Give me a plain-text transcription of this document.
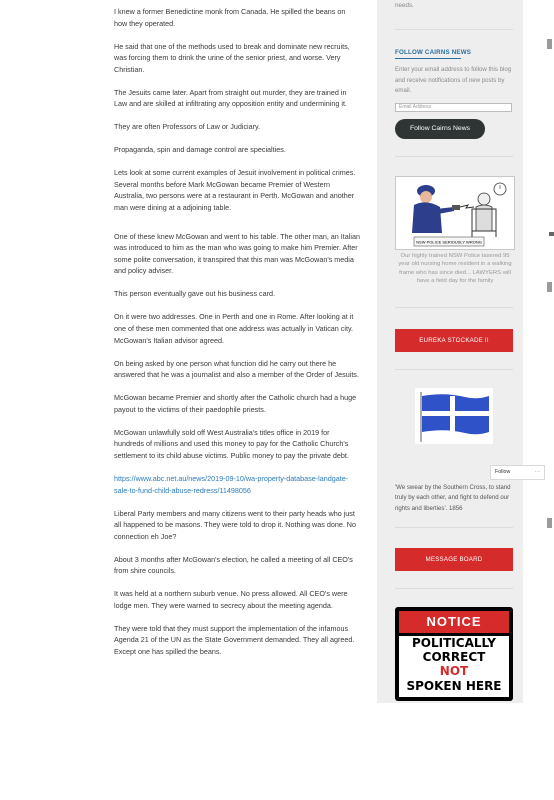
I knew a former Benedictine monk from Canada. He spilled the beans on how they operated.

He said that one of the methods used to break and dominate new recruits, was forcing them to drink the urine of the senior priest, and worse. Very Christian.

The Jesuits came later. Apart from straight out murder, they are trained in Law and are skilled at infiltrating any opposition entity and undermining it.

They are often Professors of Law or Judiciary.

Propaganda, spin and damage control are specialties.

Lets look at some current examples of Jesuit involvement in political crimes. Several months before Mark McGowan became Premier of Western Australia, two persons were at a restaurant in Perth. McGowan and another man were dining at a adjoining table.

One of these knew McGowan and went to his table. The other man, an Italian was introduced to him as the man who was going to make him Premier. After some polite conversation, it transpired that this man was McGowan's media and policy adviser.

This person eventually gave out his business card.

On it were two addresses. One in Perth and one in Rome. After looking at it one of these men commented that one address was actually in Vatican city. McGowan's Italian advisor agreed.

On being asked by one person what function did he carry out there he answered that he was a journalist and also a member of the Order of Jesuits.

McGowan became Premier and shortly after the Catholic church had a huge payout to the victims of their paedophile priests.

McGowan unlawfully sold off West Australia's titles office in 2019 for hundreds of millions and used this money to pay for the Catholic Church's settlement to its child abuse victims. Public money to pay the private debt.

https://www.abc.net.au/news/2019-09-10/wa-property-database-landgate-sale-to-fund-child-abuse-redress/11498056

Liberal Party members and many citizens went to their party heads who just all happened to be masons. They were told to drop it. Nothing was done. No connection eh Joe?

About 3 months after McGowan's election, he called a meeting of all CEO's from shire councils.

It was held at a northern suburb venue. No press allowed. All CEO's were lodge men. They were warned to secrecy about the meeting agenda.

They were told that they must support the implementation of the infamous Agenda 21 of the UN as the State Government demanded. They all agreed. Except one has spilled the beans.

needs.
FOLLOW CAIRNS NEWS
Enter your email address to follow this blog and receive notifications of new posts by email.
Email Address
Follow Cairns News
NSW POLICE SERIOUSLY WRONG
Our highly trained NSW Police tasered 95 year old nursing home resident in a walking frame who has since died... LAWYERS will have a field day for the family
EUREKA STOCKADE II
Follow	···
'We swear by the Southern Cross, to stand truly by each other, and fight to defend our rights and liberties'. 1856
MESSAGE BOARD
NOTICE
POLITICALLY
CORRECT
NOT
SPOKEN HERE
